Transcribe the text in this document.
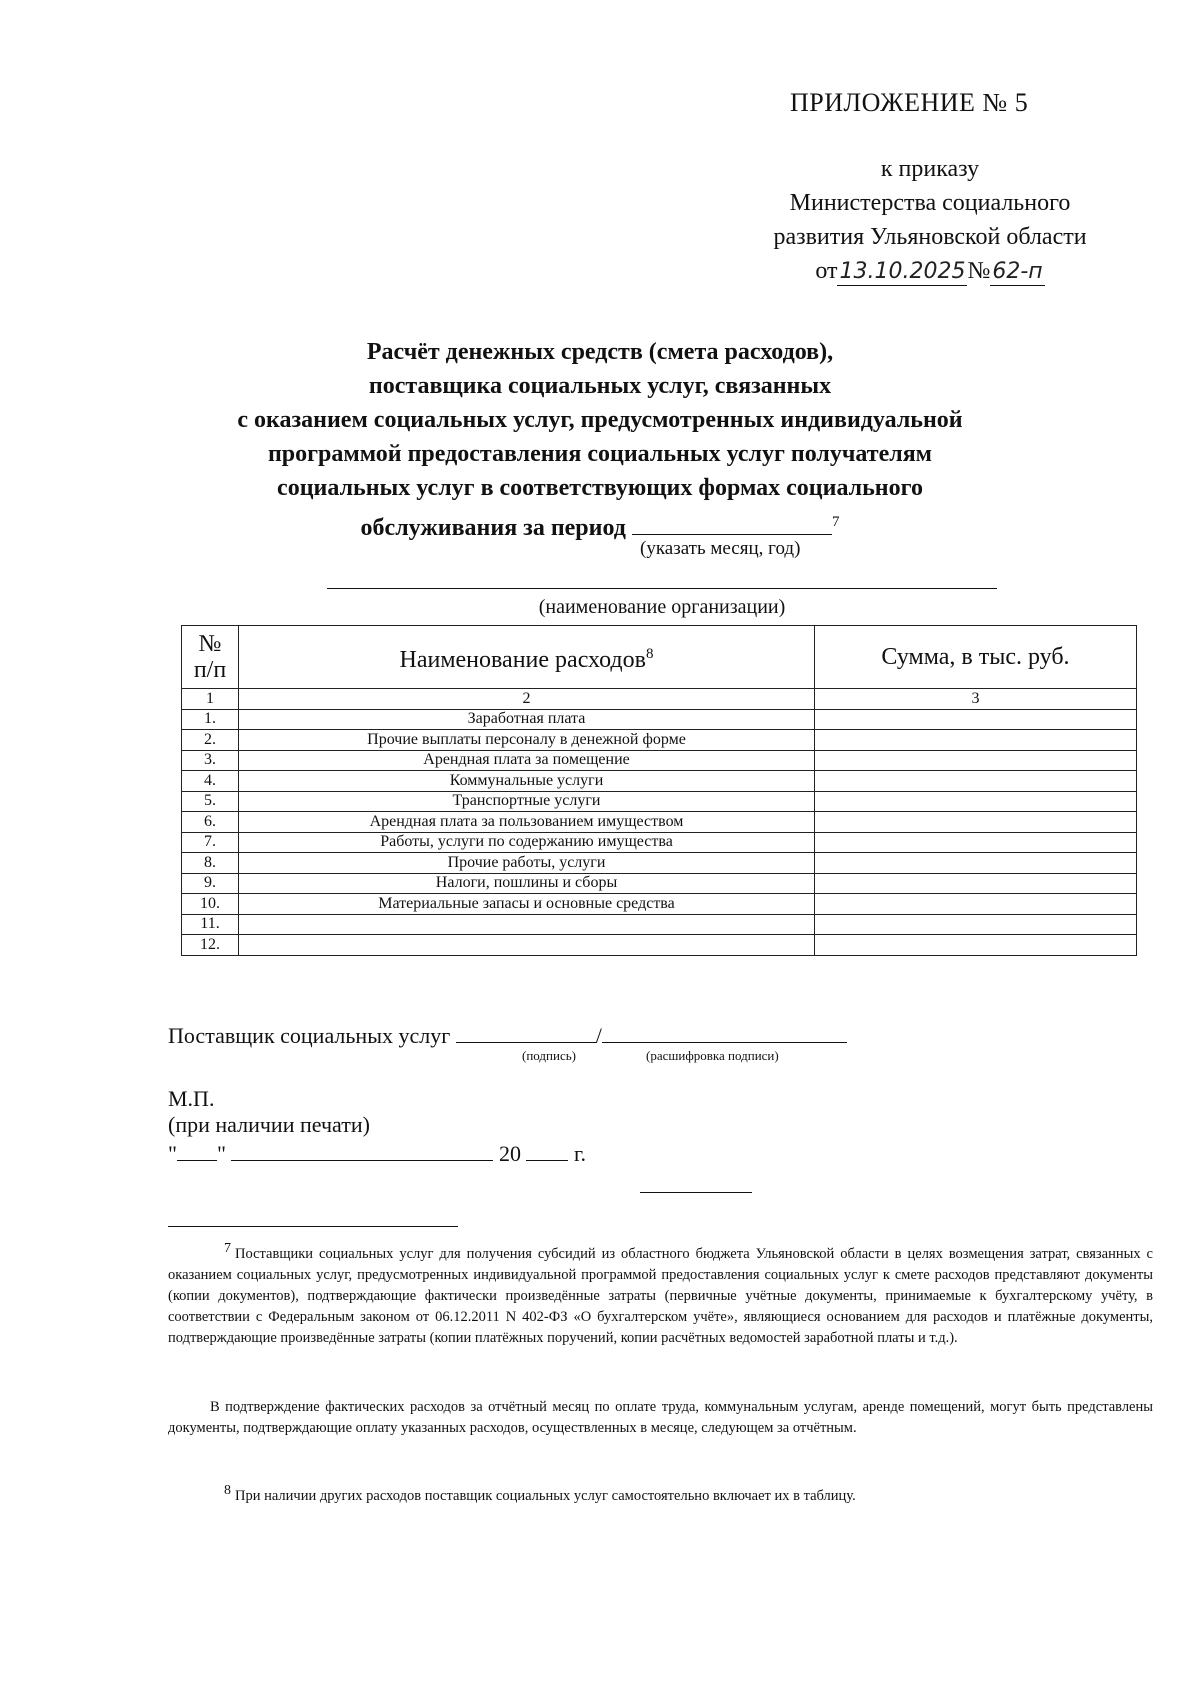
ПРИЛОЖЕНИЕ № 5
к приказу
Министерства социального
развития Ульяновской области
от13.10.2025№62-п
Расчёт денежных средств (смета расходов),
поставщика социальных услуг, связанных
с оказанием социальных услуг, предусмотренных индивидуальной
программой предоставления социальных услуг получателям
социальных услуг в соответствующих формах социального
обслуживания за период	$^7$
(указать месяц, год)
(наименование организации)
№
п/п	Наименование расходов$^8$	Сумма, в тыс. руб.
1	2	3
1.	Заработная плата	
2.	Прочие выплаты персоналу в денежной форме	
3.	Арендная плата за помещение	
4.	Коммунальные услуги	
5.	Транспортные услуги	
6.	Арендная плата за пользованием имуществом	
7.	Работы, услуги по содержанию имущества	
8.	Прочие работы, услуги	
9.	Налоги, пошлины и сборы	
10.	Материальные запасы и основные средства	
11.		
12.		
Поставщик социальных услуг	/
(подпись)	(расшифровка подписи)
М.П.
(при наличии печати)
" "	20 г.
7 Поставщики социальных услуг для получения субсидий из областного бюджета Ульяновской области в целях возмещения затрат, связанных с оказанием социальных услуг, предусмотренных индивидуальной программой предоставления социальных услуг к смете расходов представляют документы (копии документов), подтверждающие фактически произведённые затраты (первичные учётные документы, принимаемые к бухгалтерскому учёту, в соответствии с Федеральным законом от 06.12.2011 N 402-ФЗ «О бухгалтерском учёте», являющиеся основанием для расходов и платёжные документы, подтверждающие произведённые затраты (копии платёжных поручений, копии расчётных ведомостей заработной платы и т.д.).
В подтверждение фактических расходов за отчётный месяц по оплате труда, коммунальным услугам, аренде помещений, могут быть представлены документы, подтверждающие оплату указанных расходов, осуществленных в месяце, следующем за отчётным.
8 При наличии других расходов поставщик социальных услуг самостоятельно включает их в таблицу.
